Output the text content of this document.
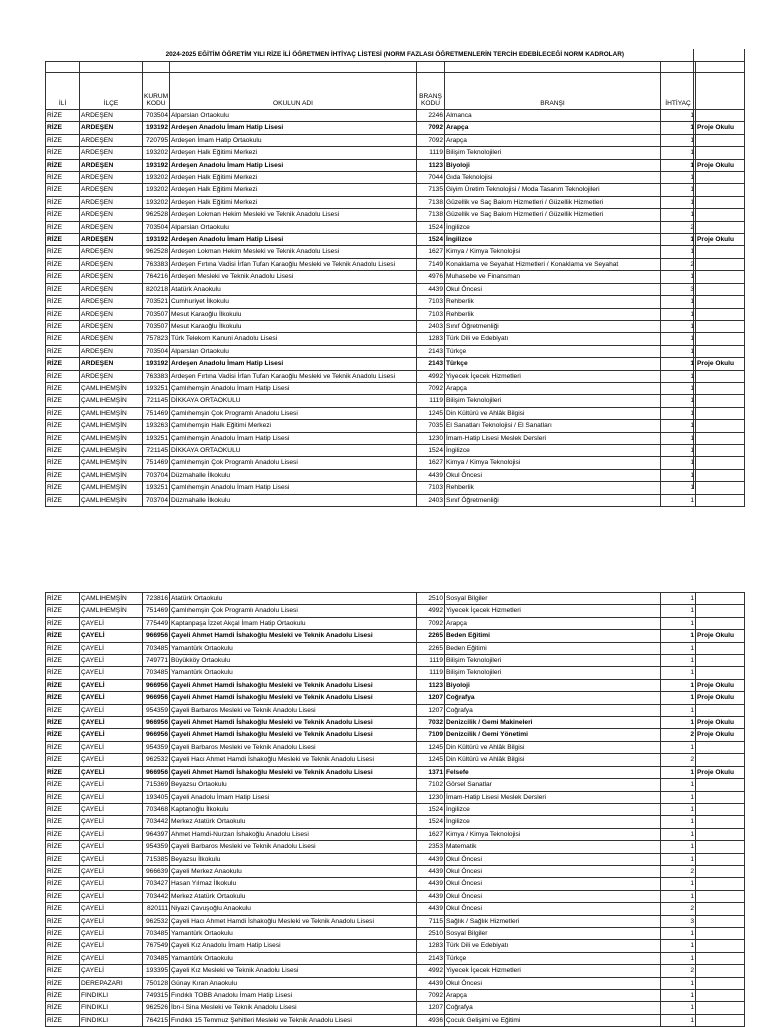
2024-2025 EĞİTİM ÖĞRETİM YILI RİZE İLİ ÖĞRETMEN İHTİYAÇ LİSTESİ (NORM FAZLASI ÖĞRETMENLERİN TERCİH EDEBİLECEĞİ NORM KADROLAR)							

İLİ	İLÇE	KURUM KODU	OKULUN ADI	BRANŞ KODU	BRANŞI	İHTİYAÇ	
RİZE	ARDEŞEN	703504	Alparslan Ortaokulu	2246	Almanca	1	
RİZE	ARDEŞEN	193192	Ardeşen Anadolu İmam Hatip Lisesi	7092	Arapça	1	Proje Okulu
RİZE	ARDEŞEN	720795	Ardeşen İmam Hatip Ortaokulu	7092	Arapça	1	
RİZE	ARDEŞEN	193202	Ardeşen Halk Eğitimi Merkezi	1119	Bilişim Teknolojileri	1	
RİZE	ARDEŞEN	193192	Ardeşen Anadolu İmam Hatip Lisesi	1123	Biyoloji	1	Proje Okulu
RİZE	ARDEŞEN	193202	Ardeşen Halk Eğitimi Merkezi	7044	Gıda Teknolojisi	1	
RİZE	ARDEŞEN	193202	Ardeşen Halk Eğitimi Merkezi	7135	Giyim Üretim Teknolojisi / Moda Tasarım Teknolojileri	1	
RİZE	ARDEŞEN	193202	Ardeşen Halk Eğitimi Merkezi	7138	Güzellik ve Saç Bakım Hizmetleri / Güzellik Hizmetleri	1	
RİZE	ARDEŞEN	962528	Ardeşen Lokman Hekim Mesleki ve Teknik Anadolu Lisesi	7138	Güzellik ve Saç Bakım Hizmetleri / Güzellik Hizmetleri	1	
RİZE	ARDEŞEN	703504	Alparslan Ortaokulu	1524	İngilizce	2	
RİZE	ARDEŞEN	193192	Ardeşen Anadolu İmam Hatip Lisesi	1524	İngilizce	1	Proje Okulu
RİZE	ARDEŞEN	962528	Ardeşen Lokman Hekim Mesleki ve Teknik Anadolu Lisesi	1627	Kimya / Kimya Teknolojisi	1	
RİZE	ARDEŞEN	763383	Ardeşen Fırtına Vadisi İrfan Tufan Karaoğlu Mesleki ve Teknik Anadolu Lisesi	7149	Konaklama ve Seyahat Hizmetleri / Konaklama ve Seyahat	2	
RİZE	ARDEŞEN	764216	Ardeşen Mesleki ve Teknik Anadolu Lisesi	4976	Muhasebe ve Finansman	1	
RİZE	ARDEŞEN	820218	Atatürk Anaokulu	4439	Okul Öncesi	3	
RİZE	ARDEŞEN	703521	Cumhuriyet İlkokulu	7103	Rehberlik	1	
RİZE	ARDEŞEN	703507	Mesut Karaoğlu İlkokulu	7103	Rehberlik	1	
RİZE	ARDEŞEN	703507	Mesut Karaoğlu İlkokulu	2403	Sınıf Öğretmenliği	1	
RİZE	ARDEŞEN	757823	Türk Telekom Kanuni Anadolu Lisesi	1283	Türk Dili ve Edebiyatı	1	
RİZE	ARDEŞEN	703504	Alparslan Ortaokulu	2143	Türkçe	1	
RİZE	ARDEŞEN	193192	Ardeşen Anadolu İmam Hatip Lisesi	2143	Türkçe	1	Proje Okulu
RİZE	ARDEŞEN	763383	Ardeşen Fırtına Vadisi İrfan Tufan Karaoğlu Mesleki ve Teknik Anadolu Lisesi	4992	Yiyecek İçecek Hizmetleri	1	
RİZE	ÇAMLIHEMŞİN	193251	Çamlıhemşin Anadolu İmam Hatip Lisesi	7092	Arapça	1	
RİZE	ÇAMLIHEMŞİN	721145	DİKKAYA ORTAOKULU	1119	Bilişim Teknolojileri	1	
RİZE	ÇAMLIHEMŞİN	751469	Çamlıhemşin Çok Programlı Anadolu Lisesi	1245	Din Kültürü ve Ahlâk Bilgisi	1	
RİZE	ÇAMLIHEMŞİN	193263	Çamlıhemşin Halk Eğitimi Merkezi	7035	El Sanatları Teknolojisi / El Sanatları	1	
RİZE	ÇAMLIHEMŞİN	193251	Çamlıhemşin Anadolu İmam Hatip Lisesi	1230	İmam-Hatip Lisesi Meslek Dersleri	1	
RİZE	ÇAMLIHEMŞİN	721145	DİKKAYA ORTAOKULU	1524	İngilizce	1	
RİZE	ÇAMLIHEMŞİN	751469	Çamlıhemşin Çok Programlı Anadolu Lisesi	1627	Kimya / Kimya Teknolojisi	1	
RİZE	ÇAMLIHEMŞİN	703704	Düzmahalle İlkokulu	4439	Okul Öncesi	1	
RİZE	ÇAMLIHEMŞİN	193251	Çamlıhemşin Anadolu İmam Hatip Lisesi	7103	Rehberlik	1	
RİZE	ÇAMLIHEMŞİN	703704	Düzmahalle İlkokulu	2403	Sınıf Öğretmenliği	1	
RİZE	ÇAMLIHEMŞİN	723816	Atatürk Ortaokulu	2510	Sosyal Bilgiler	1	
RİZE	ÇAMLIHEMŞİN	751469	Çamlıhemşin Çok Programlı Anadolu Lisesi	4992	Yiyecek İçecek Hizmetleri	1	
RİZE	ÇAYELİ	775449	Kaptanpaşa İzzet Akçal İmam Hatip Ortaokulu	7092	Arapça	1	
RİZE	ÇAYELİ	966956	Çayeli Ahmet Hamdi İshakoğlu Mesleki ve Teknik Anadolu Lisesi	2265	Beden Eğitimi	1	Proje Okulu
RİZE	ÇAYELİ	703485	Yamantürk Ortaokulu	2265	Beden Eğitimi	1	
RİZE	ÇAYELİ	749771	Büyükköy Ortaokulu	1119	Bilişim Teknolojileri	1	
RİZE	ÇAYELİ	703485	Yamantürk Ortaokulu	1119	Bilişim Teknolojileri	1	
RİZE	ÇAYELİ	966956	Çayeli Ahmet Hamdi İshakoğlu Mesleki ve Teknik Anadolu Lisesi	1123	Biyoloji	1	Proje Okulu
RİZE	ÇAYELİ	966956	Çayeli Ahmet Hamdi İshakoğlu Mesleki ve Teknik Anadolu Lisesi	1207	Coğrafya	1	Proje Okulu
RİZE	ÇAYELİ	954359	Çayeli Barbaros Mesleki ve Teknik Anadolu Lisesi	1207	Coğrafya	1	
RİZE	ÇAYELİ	966956	Çayeli Ahmet Hamdi İshakoğlu Mesleki ve Teknik Anadolu Lisesi	7032	Denizcilik / Gemi Makineleri	1	Proje Okulu
RİZE	ÇAYELİ	966956	Çayeli Ahmet Hamdi İshakoğlu Mesleki ve Teknik Anadolu Lisesi	7109	Denizcilik / Gemi Yönetimi	2	Proje Okulu
RİZE	ÇAYELİ	954359	Çayeli Barbaros Mesleki ve Teknik Anadolu Lisesi	1245	Din Kültürü ve Ahlâk Bilgisi	1	
RİZE	ÇAYELİ	962532	Çayeli Hacı Ahmet Hamdi İshakoğlu Mesleki ve Teknik Anadolu Lisesi	1245	Din Kültürü ve Ahlâk Bilgisi	2	
RİZE	ÇAYELİ	966956	Çayeli Ahmet Hamdi İshakoğlu Mesleki ve Teknik Anadolu Lisesi	1371	Felsefe	1	Proje Okulu
RİZE	ÇAYELİ	715369	Beyazsu Ortaokulu	7102	Görsel Sanatlar	1	
RİZE	ÇAYELİ	193405	Çayeli Anadolu İmam Hatip Lisesi	1230	İmam-Hatip Lisesi Meslek Dersleri	1	
RİZE	ÇAYELİ	703468	Kaptanoğlu İlkokulu	1524	İngilizce	1	
RİZE	ÇAYELİ	703442	Merkez Atatürk Ortaokulu	1524	İngilizce	1	
RİZE	ÇAYELİ	964397	Ahmet Hamdi-Nurzan İshakoğlu Anadolu Lisesi	1627	Kimya / Kimya Teknolojisi	1	
RİZE	ÇAYELİ	954359	Çayeli Barbaros Mesleki ve Teknik Anadolu Lisesi	2353	Matematik	1	
RİZE	ÇAYELİ	715385	Beyazsu İlkokulu	4439	Okul Öncesi	1	
RİZE	ÇAYELİ	966639	Çayeli Merkez Anaokulu	4439	Okul Öncesi	2	
RİZE	ÇAYELİ	703427	Hasan Yılmaz İlkokulu	4439	Okul Öncesi	1	
RİZE	ÇAYELİ	703442	Merkez Atatürk Ortaokulu	4439	Okul Öncesi	1	
RİZE	ÇAYELİ	820111	Niyazi Çavuşoğlu Anaokulu	4439	Okul Öncesi	2	
RİZE	ÇAYELİ	962532	Çayeli Hacı Ahmet Hamdi İshakoğlu Mesleki ve Teknik Anadolu Lisesi	7115	Sağlık / Sağlık Hizmetleri	3	
RİZE	ÇAYELİ	703485	Yamantürk Ortaokulu	2510	Sosyal Bilgiler	1	
RİZE	ÇAYELİ	767549	Çayeli Kız Anadolu İmam Hatip Lisesi	1283	Türk Dili ve Edebiyatı	1	
RİZE	ÇAYELİ	703485	Yamantürk Ortaokulu	2143	Türkçe	1	
RİZE	ÇAYELİ	193395	Çayeli Kız Mesleki ve Teknik Anadolu Lisesi	4992	Yiyecek İçecek Hizmetleri	2	
RİZE	DEREPAZARI	750128	Günay Kıran Anaokulu	4439	Okul Öncesi	1	
RİZE	FINDIKLI	749315	Fındıklı TOBB Anadolu İmam Hatip Lisesi	7092	Arapça	1	
RİZE	FINDIKLI	962526	İbn-i Sina Mesleki ve Teknik Anadolu Lisesi	1207	Coğrafya	1	
RİZE	FINDIKLI	764215	Fındıklı 15 Temmuz Şehitleri Mesleki ve Teknik Anadolu Lisesi	4936	Çocuk Gelişimi ve Eğitimi	1	
